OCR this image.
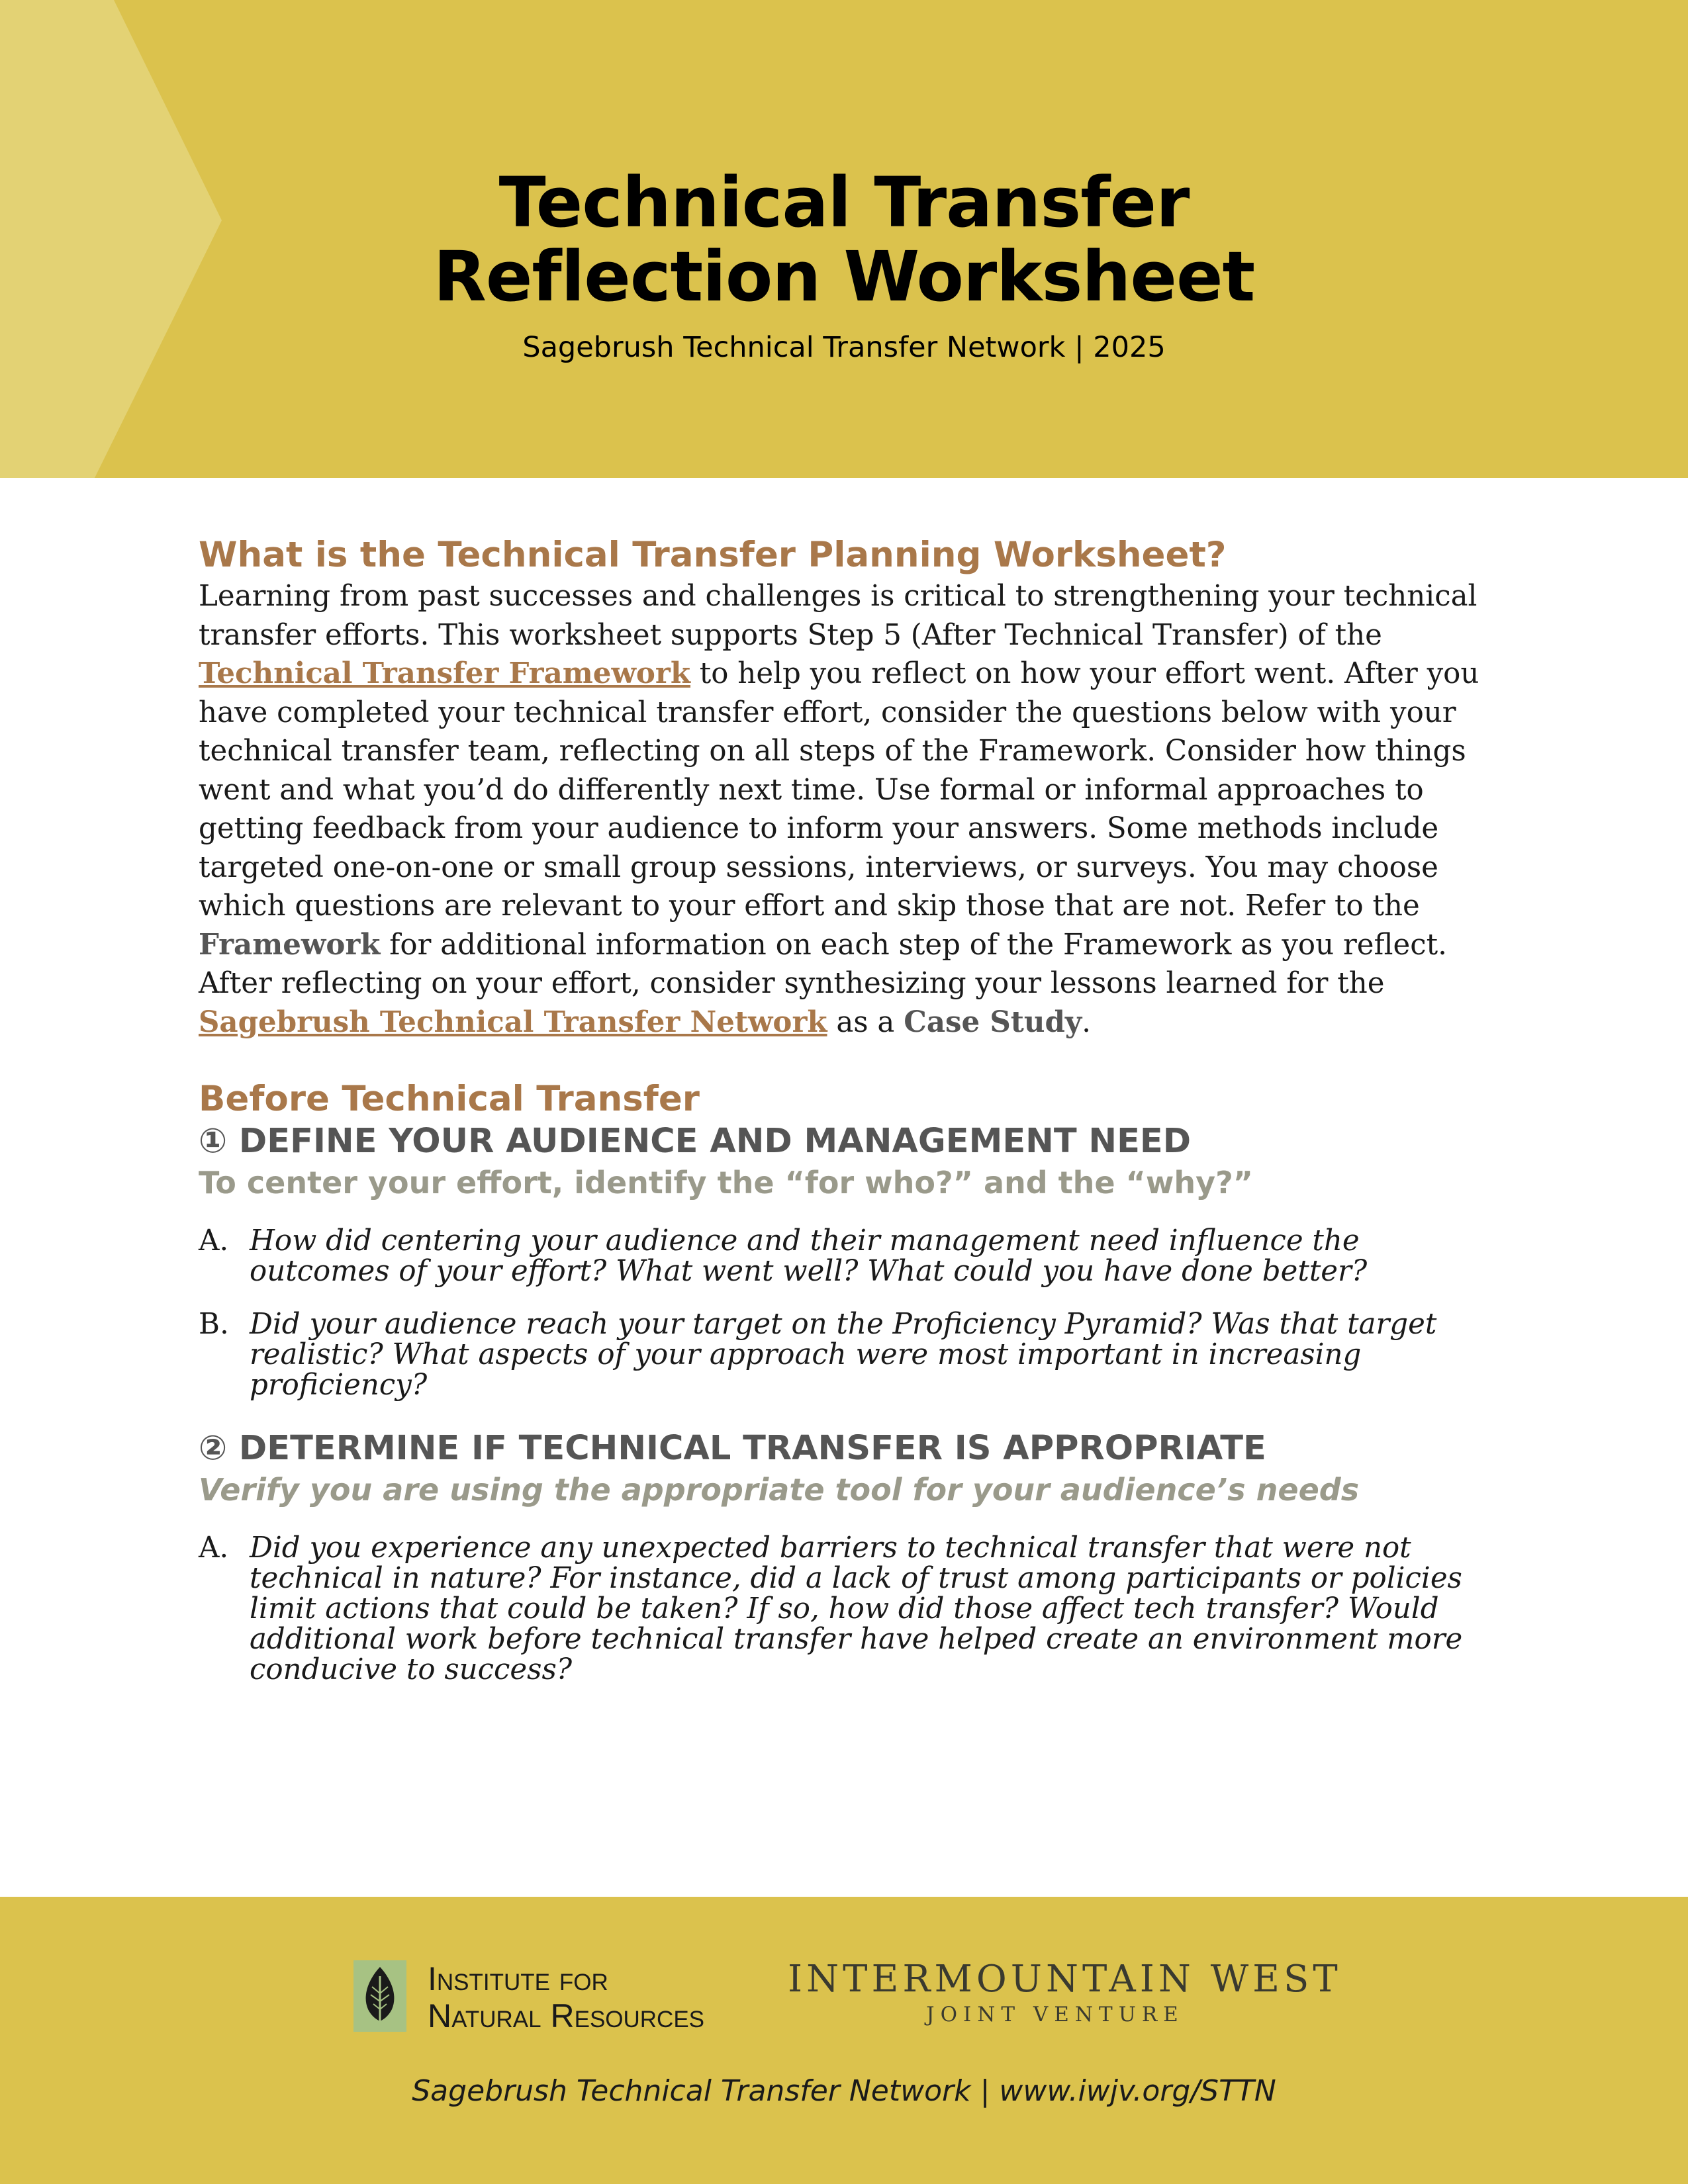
Technical Transfer
Reflection Worksheet
Sagebrush Technical Transfer Network | 2025
What is the Technical Transfer Planning Worksheet?

Learning from past successes and challenges is critical to strengthening your technical transfer efforts. This worksheet supports Step 5 (After Technical Transfer) of the Technical Transfer Framework to help you reflect on how your effort went. After you have completed your technical transfer effort, consider the questions below with your technical transfer team, reflecting on all steps of the Framework. Consider how things went and what you’d do differently next time. Use formal or informal approaches to getting feedback from your audience to inform your answers. Some methods include targeted one-on-one or small group sessions, interviews, or surveys. You may choose which questions are relevant to your effort and skip those that are not. Refer to the Framework for additional information on each step of the Framework as you reflect. After reflecting on your effort, consider synthesizing your lessons learned for the Sagebrush Technical Transfer Network as a Case Study.

Before Technical Transfer
① DEFINE YOUR AUDIENCE AND MANAGEMENT NEED
To center your effort, identify the “for who?” and the “why?”
A. How did centering your audience and their management need influence the outcomes of your effort? What went well? What could you have done better?
B. Did your audience reach your target on the Proficiency Pyramid? Was that target realistic? What aspects of your approach were most important in increasing proficiency?
② DETERMINE IF TECHNICAL TRANSFER IS APPROPRIATE
Verify you are using the appropriate tool for your audience’s needs
A. Did you experience any unexpected barriers to technical transfer that were not technical in nature? For instance, did a lack of trust among participants or policies limit actions that could be taken? If so, how did those affect tech transfer? Would additional work before technical transfer have helped create an environment more conducive to success?
Institute for
Natural Resources
INTERMOUNTAIN WEST
JOINT VENTURE
Sagebrush Technical Transfer Network | www.iwjv.org/STTN
